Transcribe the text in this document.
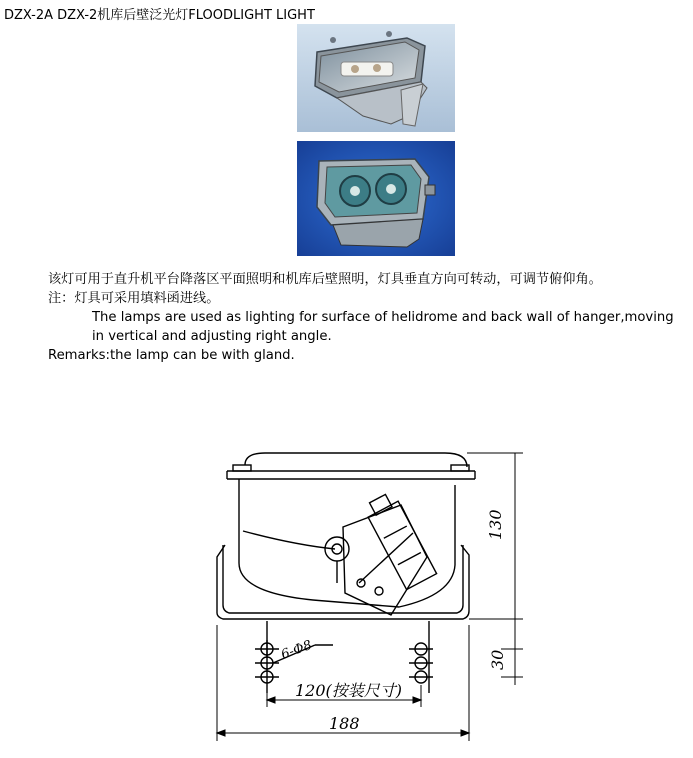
DZX-2A DZX-2机库后壁泛光灯FLOODLIGHT LIGHT

该灯可用于直升机平台降落区平面照明和机库后壁照明，灯具垂直方向可转动，可调节俯仰角。

注：灯具可采用填料函进线。

The lamps are used as lighting for surface of helidrome and back wall of hanger,moving in vertical and adjusting right angle.

Remarks:the lamp can be with gland.

130
30
6-Φ8
120(按装尺寸)
188
